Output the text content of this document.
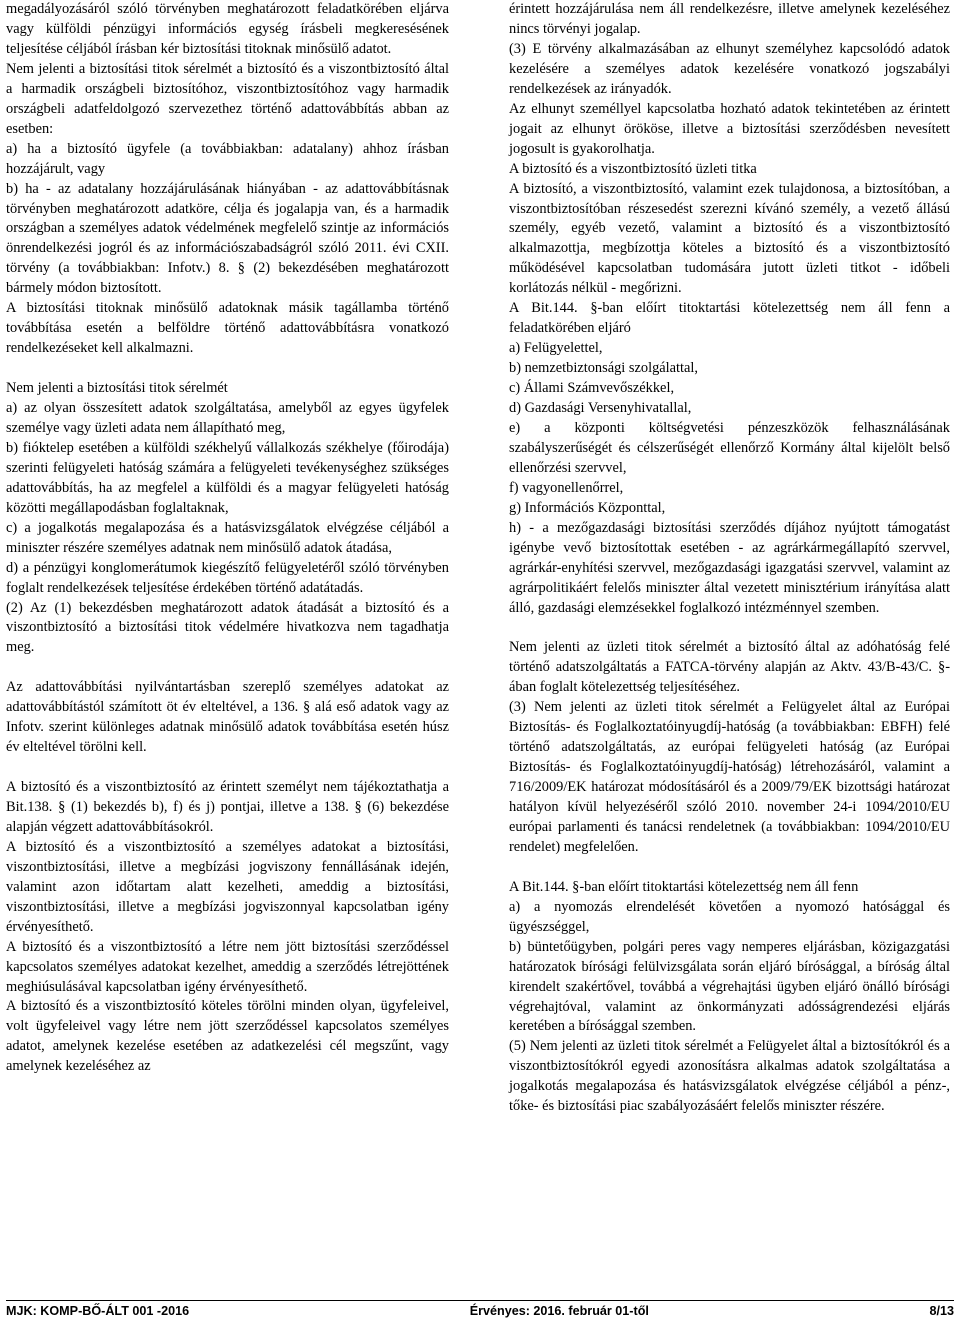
megadályozásáról szóló törvényben meghatározott feladatkörében eljárva vagy külföldi pénzügyi információs egység írásbeli megkeresésének teljesítése céljából írásban kér biztosítási titoknak minősülő adatot.

Nem jelenti a biztosítási titok sérelmét a biztosító és a viszontbiztosító által a harmadik országbeli biztosítóhoz, viszontbiztosítóhoz vagy harmadik országbeli adatfeldolgozó szervezethez történő adattovábbítás abban az esetben:

a) ha a biztosító ügyfele (a továbbiakban: adatalany) ahhoz írásban hozzájárult, vagy

b) ha - az adatalany hozzájárulásának hiányában - az adattovábbításnak törvényben meghatározott adatköre, célja és jogalapja van, és a harmadik országban a személyes adatok védelmének megfelelő szintje az információs önrendelkezési jogról és az információszabadságról szóló 2011. évi CXII. törvény (a továbbiakban: Infotv.) 8. § (2) bekezdésében meghatározott bármely módon biztosított.

A biztosítási titoknak minősülő adatoknak másik tagállamba történő továbbítása esetén a belföldre történő adattovábbításra vonatkozó rendelkezéseket kell alkalmazni.

Nem jelenti a biztosítási titok sérelmét

a) az olyan összesített adatok szolgáltatása, amelyből az egyes ügyfelek személye vagy üzleti adata nem állapítható meg,

b) fióktelep esetében a külföldi székhelyű vállalkozás székhelye (főirodája) szerinti felügyeleti hatóság számára a felügyeleti tevékenységhez szükséges adattovábbítás, ha az megfelel a külföldi és a magyar felügyeleti hatóság közötti megállapodásban foglaltaknak,

c) a jogalkotás megalapozása és a hatásvizsgálatok elvégzése céljából a miniszter részére személyes adatnak nem minősülő adatok átadása,

d) a pénzügyi konglomerátumok kiegészítő felügyeletéről szóló törvényben foglalt rendelkezések teljesítése érdekében történő adatátadás.

(2) Az (1) bekezdésben meghatározott adatok átadását a biztosító és a viszontbiztosító a biztosítási titok védelmére hivatkozva nem tagadhatja meg.

Az adattovábbítási nyilvántartásban szereplő személyes adatokat az adattovábbítástól számított öt év elteltével, a 136. § alá eső adatok vagy az Infotv. szerint különleges adatnak minősülő adatok továbbítása esetén húsz év elteltével törölni kell.

A biztosító és a viszontbiztosító az érintett személyt nem tájékoztathatja a Bit.138. § (1) bekezdés b), f) és j) pontjai, illetve a 138. § (6) bekezdése alapján végzett adattovábbításokról.

A biztosító és a viszontbiztosító a személyes adatokat a biztosítási, viszontbiztosítási, illetve a megbízási jogviszony fennállásának idején, valamint azon időtartam alatt kezelheti, ameddig a biztosítási, viszontbiztosítási, illetve a megbízási jogviszonnyal kapcsolatban igény érvényesíthető.

A biztosító és a viszontbiztosító a létre nem jött biztosítási szerződéssel kapcsolatos személyes adatokat kezelhet, ameddig a szerződés létrejöttének meghiúsulásával kapcsolatban igény érvényesíthető.

A biztosító és a viszontbiztosító köteles törölni minden olyan, ügyfeleivel, volt ügyfeleivel vagy létre nem jött szerződéssel kapcsolatos személyes adatot, amelynek kezelése esetében az adatkezelési cél megszűnt, vagy amelynek kezeléséhez az

érintett hozzájárulása nem áll rendelkezésre, illetve amelynek kezeléséhez nincs törvényi jogalap.

(3) E törvény alkalmazásában az elhunyt személyhez kapcsolódó adatok kezelésére a személyes adatok kezelésére vonatkozó jogszabályi rendelkezések az irányadók.

Az elhunyt személlyel kapcsolatba hozható adatok tekintetében az érintett jogait az elhunyt örököse, illetve a biztosítási szerződésben nevesített jogosult is gyakorolhatja.

A biztosító és a viszontbiztosító üzleti titka

A biztosító, a viszontbiztosító, valamint ezek tulajdonosa, a biztosítóban, a viszontbiztosítóban részesedést szerezni kívánó személy, a vezető állású személy, egyéb vezető, valamint a biztosító és a viszontbiztosító alkalmazottja, megbízottja köteles a biztosító és a viszontbiztosító működésével kapcsolatban tudomására jutott üzleti titkot - időbeli korlátozás nélkül - megőrizni.

A Bit.144. §-ban előírt titoktartási kötelezettség nem áll fenn a feladatkörében eljáró

a) Felügyelettel,

b) nemzetbiztonsági szolgálattal,

c) Állami Számvevőszékkel,

d) Gazdasági Versenyhivatallal,

e) a központi költségvetési pénzeszközök felhasználásának szabályszerűségét és célszerűségét ellenőrző Kormány által kijelölt belső ellenőrzési szervvel,

f) vagyonellenőrrel,

g) Információs Központtal,

h) - a mezőgazdasági biztosítási szerződés díjához nyújtott támogatást igénybe vevő biztosítottak esetében - az agrárkármegállapító szervvel, agrárkár-enyhítési szervvel, mezőgazdasági igazgatási szervvel, valamint az agrárpolitikáért felelős miniszter által vezetett minisztérium irányítása alatt álló, gazdasági elemzésekkel foglalkozó intézménnyel szemben.

Nem jelenti az üzleti titok sérelmét a biztosító által az adóhatóság felé történő adatszolgáltatás a FATCA-törvény alapján az Aktv. 43/B-43/C. §-ában foglalt kötelezettség teljesítéséhez.

(3) Nem jelenti az üzleti titok sérelmét a Felügyelet által az Európai Biztosítás- és Foglalkoztatóinyugdíj-hatóság (a továbbiakban: EBFH) felé történő adatszolgáltatás, az európai felügyeleti hatóság (az Európai Biztosítás- és Foglalkoztatóinyugdíj-hatóság) létrehozásáról, valamint a 716/2009/EK határozat módosításáról és a 2009/79/EK bizottsági határozat hatályon kívül helyezéséről szóló 2010. november 24-i 1094/2010/EU európai parlamenti és tanácsi rendeletnek (a továbbiakban: 1094/2010/EU rendelet) megfelelően.

A Bit.144. §-ban előírt titoktartási kötelezettség nem áll fenn

a) a nyomozás elrendelését követően a nyomozó hatósággal és ügyészséggel,

b) büntetőügyben, polgári peres vagy nemperes eljárásban, közigazgatási határozatok bírósági felülvizsgálata során eljáró bírósággal, a bíróság által kirendelt szakértővel, továbbá a végrehajtási ügyben eljáró önálló bírósági végrehajtóval, valamint az önkormányzati adósságrendezési eljárás keretében a bírósággal szemben.

(5) Nem jelenti az üzleti titok sérelmét a Felügyelet által a biztosítókról és a viszontbiztosítókról egyedi azonosításra alkalmas adatok szolgáltatása a jogalkotás megalapozása és hatásvizsgálatok elvégzése céljából a pénz-, tőke- és biztosítási piac szabályozásáért felelős miniszter részére.

MJK: KOMP-BŐ-ÁLT 001 -2016	Érvényes: 2016. február 01-től	8/13
